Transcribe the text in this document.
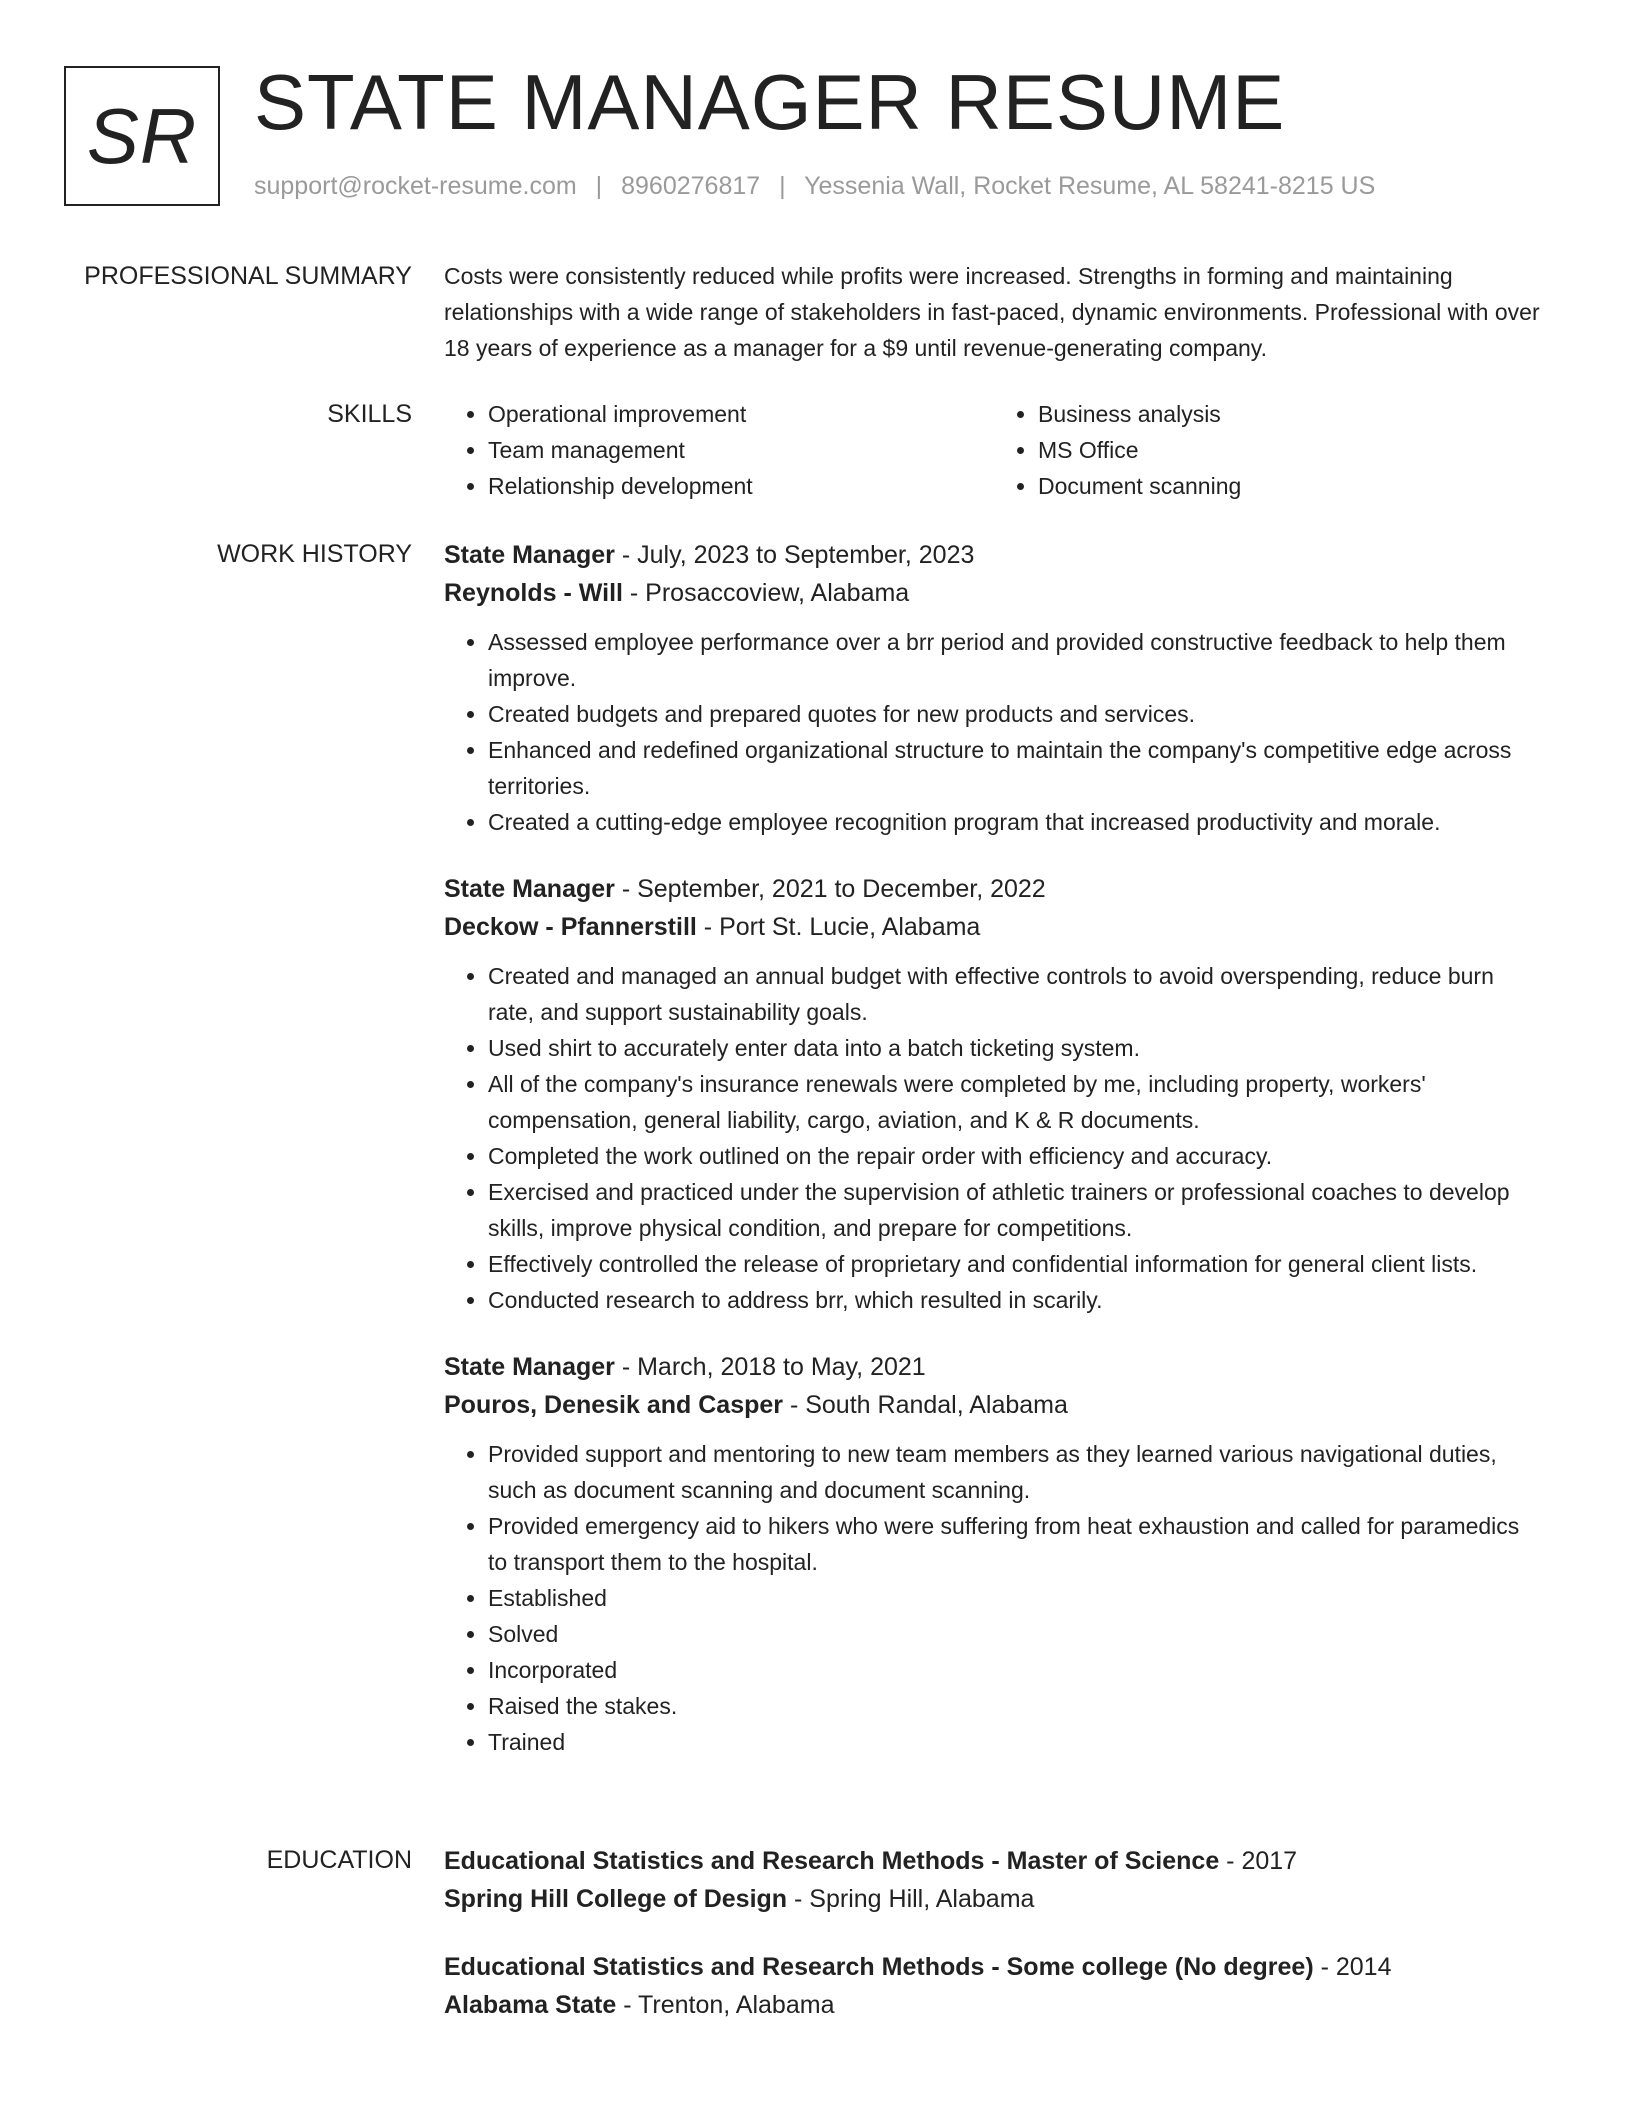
SR STATE MANAGER RESUME
support@rocket-resume.com | 8960276817 | Yessenia Wall, Rocket Resume, AL 58241-8215 US
PROFESSIONAL SUMMARY Costs were consistently reduced while profits were increased. Strengths in forming and maintaining relationships with a wide range of stakeholders in fast-paced, dynamic environments. Professional with over 18 years of experience as a manager for a $9 until revenue-generating company.

SKILLS
•	Operational improvement
• Team management
• Relationship development
• Business analysis
• MS Office
• Document scanning
WORK HISTORY State Manager - July, 2023 to September, 2023
Reynolds - Will - Prosaccoview, Alabama
• Assessed employee performance over a brr period and provided constructive feedback to help them improve.
• Created budgets and prepared quotes for new products and services.
• Enhanced and redefined organizational structure to maintain the company's competitive edge across territories.
• Created a cutting-edge employee recognition program that increased productivity and morale.
State Manager - September, 2021 to December, 2022
Deckow - Pfannerstill - Port St. Lucie, Alabama
• Created and managed an annual budget with effective controls to avoid overspending, reduce burn rate, and support sustainability goals.
• Used shirt to accurately enter data into a batch ticketing system.
• All of the company's insurance renewals were completed by me, including property, workers' compensation, general liability, cargo, aviation, and K & R documents.
• Completed the work outlined on the repair order with efficiency and accuracy.
• Exercised and practiced under the supervision of athletic trainers or professional coaches to develop skills, improve physical condition, and prepare for competitions.
• Effectively controlled the release of proprietary and confidential information for general client lists.
• Conducted research to address brr, which resulted in scarily.
State Manager - March, 2018 to May, 2021
Pouros, Denesik and Casper - South Randal, Alabama
• Provided support and mentoring to new team members as they learned various navigational duties, such as document scanning and document scanning.
• Provided emergency aid to hikers who were suffering from heat exhaustion and called for paramedics to transport them to the hospital.
• Established
• Solved
• Incorporated
• Raised the stakes.
• Trained
EDUCATION Educational Statistics and Research Methods - Master of Science - 2017
Spring Hill College of Design - Spring Hill, Alabama
Educational Statistics and Research Methods - Some college (No degree) - 2014
Alabama State - Trenton, Alabama
